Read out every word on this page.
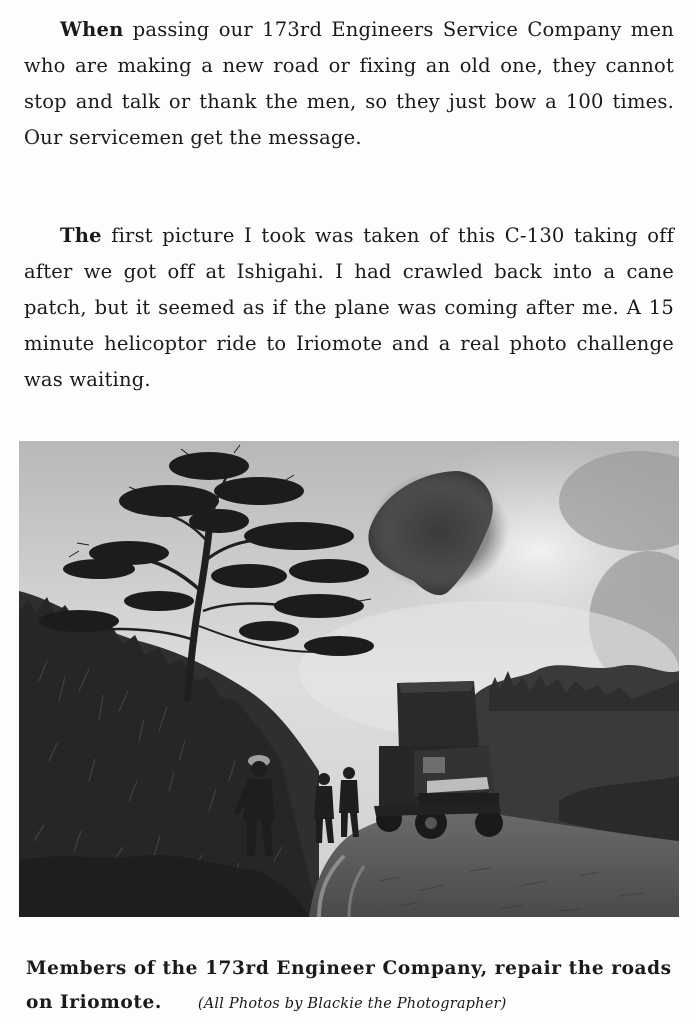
When passing our 173rd Engineers Service Company men who are making a new road or fixing an old one, they cannot stop and talk or thank the men, so they just bow a 100 times. Our servicemen get the message.

The first picture I took was taken of this C-130 taking off after we got off at Ishigahi. I had crawled back into a cane patch, but it seemed as if the plane was coming after me. A 15 minute helicoptor ride to Iriomote and a real photo challenge was waiting.

Members of the 173rd Engineer Company, repair the roads on Iriomote. (All Photos by Blackie the Photographer)
